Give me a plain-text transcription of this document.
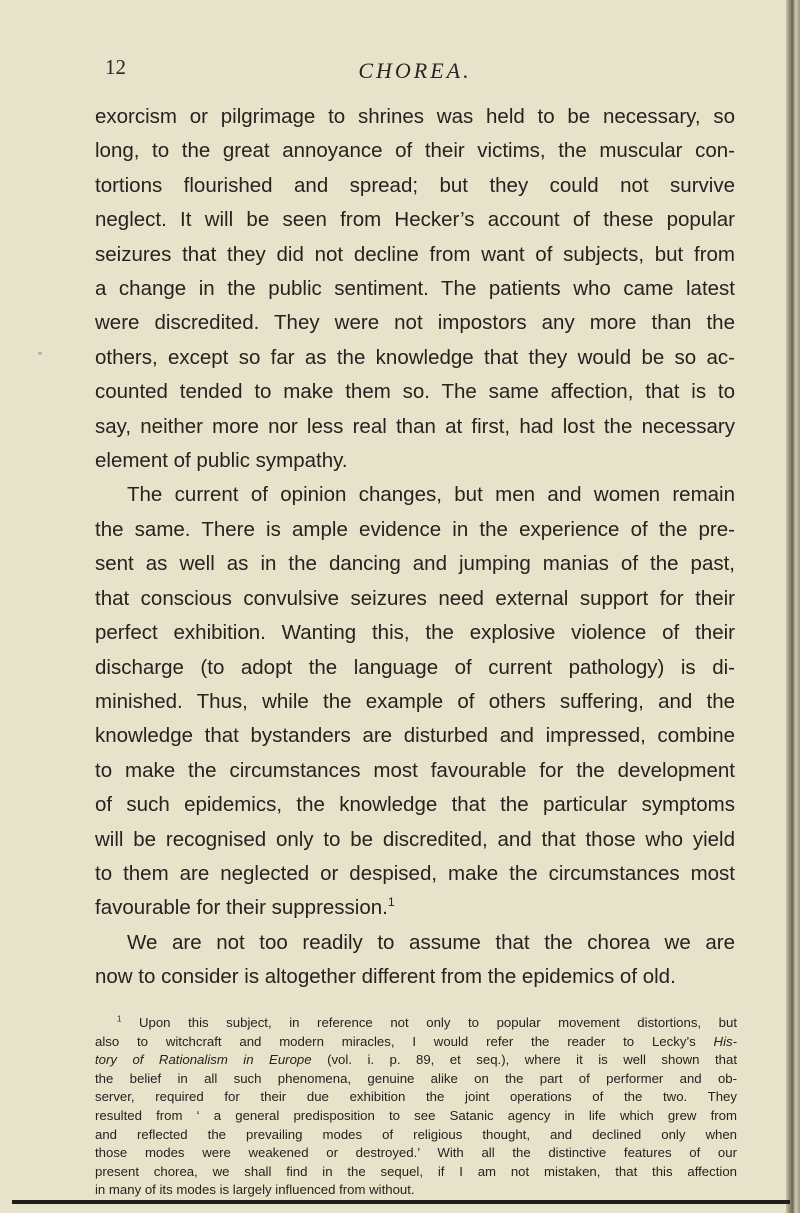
12	CHOREA.
ˇ
exorcism or pilgrimage to shrines was held to be necessary, so
long, to the great annoyance of their victims, the muscular con-
tortions flourished and spread; but they could not survive
neglect. It will be seen from Hecker’s account of these popular
seizures that they did not decline from want of subjects, but from
a change in the public sentiment. The patients who came latest
were discredited. They were not impostors any more than the
others, except so far as the knowledge that they would be so ac-
counted tended to make them so. The same affection, that is to
say, neither more nor less real than at first, had lost the necessary
element of public sympathy.
The current of opinion changes, but men and women remain
the same. There is ample evidence in the experience of the pre-
sent as well as in the dancing and jumping manias of the past,
that conscious convulsive seizures need external support for their
perfect exhibition. Wanting this, the explosive violence of their
discharge (to adopt the language of current pathology) is di-
minished. Thus, while the example of others suffering, and the
knowledge that bystanders are disturbed and impressed, combine
to make the circumstances most favourable for the development
of such epidemics, the knowledge that the particular symptoms
will be recognised only to be discredited, and that those who yield
to them are neglected or despised, make the circumstances most
favourable for their suppression.$^1$
We are not too readily to assume that the chorea we are
now to consider is altogether different from the epidemics of old.
$^1$ Upon this subject, in reference not only to popular movement distortions, but
also to witchcraft and modern miracles, I would refer the reader to Lecky’s His-
tory of Rationalism in Europe (vol. i. p. 89, et seq.), where it is well shown that
the belief in all such phenomena, genuine alike on the part of performer and ob-
server, required for their due exhibition the joint operations of the two. They
resulted from ‘ a general predisposition to see Satanic agency in life which grew from
and reflected the prevailing modes of religious thought, and declined only when
those modes were weakened or destroyed.’ With all the distinctive features of our
present chorea, we shall find in the sequel, if I am not mistaken, that this affection
in many of its modes is largely influenced from without.
